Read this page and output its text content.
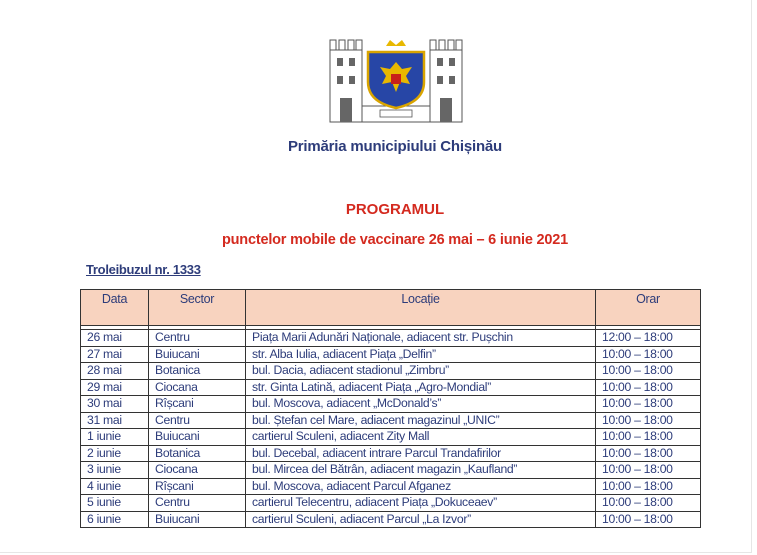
Primăria municipiului Chișinău
PROGRAMUL
punctelor mobile de vaccinare 26 mai – 6 iunie 2021
Troleibuzul nr. 1333
Data	Sector	Locație	Orar

26 mai	Centru	Piața Marii Adunări Naționale, adiacent str. Pușchin	12:00 – 18:00
27 mai	Buiucani	str. Alba Iulia, adiacent Piața „Delfin”	10:00 – 18:00
28 mai	Botanica	bul. Dacia, adiacent stadionul „Zimbru”	10:00 – 18:00
29 mai	Ciocana	str. Ginta Latină, adiacent Piața „Agro-Mondial”	10:00 – 18:00
30 mai	Rîșcani	bul. Moscova, adiacent „McDonald’s”	10:00 – 18:00
31 mai	Centru	bul. Ștefan cel Mare, adiacent magazinul „UNIC”	10:00 – 18:00
1 iunie	Buiucani	cartierul Sculeni, adiacent Zity Mall	10:00 – 18:00
2 iunie	Botanica	bul. Decebal, adiacent intrare Parcul Trandafirilor	10:00 – 18:00
3 iunie	Ciocana	bul. Mircea del Bătrân, adiacent magazin „Kaufland”	10:00 – 18:00
4 iunie	Rîșcani	bul. Moscova, adiacent Parcul Afganez	10:00 – 18:00
5 iunie	Centru	cartierul Telecentru, adiacent Piața „Dokuceaev”	10:00 – 18:00
6 iunie	Buiucani	cartierul Sculeni, adiacent Parcul „La Izvor”	10:00 – 18:00
